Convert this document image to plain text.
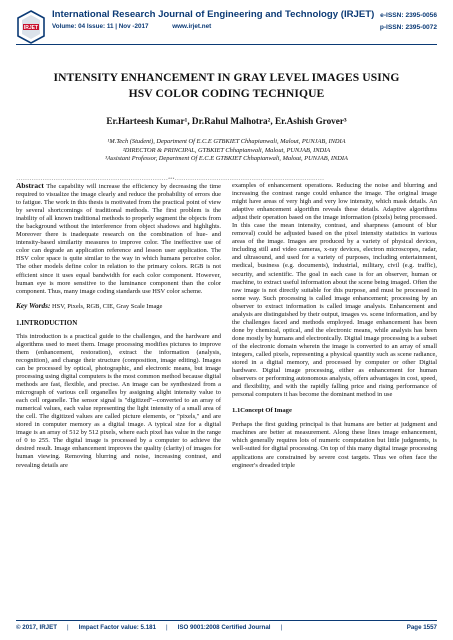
IRJET
International Research Journal of Engineering and Technology (IRJET)
Volume: 04 Issue: 11 | Nov -2017	www.irjet.net
e-ISSN: 2395-0056
p-ISSN: 2395-0072
INTENSITY ENHANCEMENT IN GRAY LEVEL IMAGES USING HSV COLOR CODING TECHNIQUE
Er.Harteesh Kumar¹, Dr.Rahul Malhotra², Er.Ashish Grover³
¹M.Tech (Student), Department Of E.C.E GTBKIET Chhapianwali, Malout, PUNJAB, INDIA
²DIRECTOR & PRINCIPAL, GTBKIET Chhapianwali, Malout, PUNJAB, INDIA
³Assistant Professor, Department Of E.C.E GTBKIET Chhapianwali, Malout, PUNJAB, INDIA
---------------------------------------------------------------------***--------------------------------------------------------------------

Abstract The capability will increase the efficiency by decreasing the time required to visualize the image clearly and reduce the probability of errors due to fatigue. The work in this thesis is motivated from the practical point of view by several shortcomings of traditional methods. The first problem is the inability of all known traditional methods to properly segment the objects from the background without the interference from object shadows and highlights. Moreover there is inadequate research on the combination of hue- and intensity-based similarity measures to improve color. The ineffective use of color can degrade an application reference and lesson user application. The HSV color space is quite similar to the way in which humans perceive color. The other models define color in relation to the primary colors. RGB is not efficient since it uses equal bandwidth for each color component. However, human eye is more sensitive to the luminance component than the color component. Thus, many image coding standards use HSV color scheme.

Key Words: HSV, Pixels, RGB, CIE, Gray Scale Image

1.INTRODUCTION

This introduction is a practical guide to the challenges, and the hardware and algorithms used to meet them. Image processing modifies pictures to improve them (enhancement, restoration), extract the information (analysis, recognition), and change their structure (composition, image editing). Images can be processed by optical, photographic, and electronic means, but image processing using digital computers is the most common method because digital methods are fast, flexible, and precise. An image can be synthesized from a micrograph of various cell organelles by assigning alight intensity value to each cell organelle. The sensor signal is "digitized"--converted to an array of numerical values, each value representing the light intensity of a small area of the cell. The digitized values are called picture elements, or "pixels," and are stored in computer memory as a digital image. A typical size for a digital image is an array of 512 by 512 pixels, where each pixel has value in the range of 0 to 255. The digital image is processed by a computer to achieve the desired result. Image enhancement improves the quality (clarity) of images for human viewing. Removing blurring and noise, increasing contrast, and revealing details are

examples of enhancement operations. Reducing the noise and blurring and increasing the contrast range could enhance the image. The original image might have areas of very high and very low intensity, which mask details. An adaptive enhancement algorithm reveals these details. Adaptive algorithms adjust their operation based on the image information (pixels) being processed. In this case the mean intensity, contrast, and sharpness (amount of blur removal) could be adjusted based on the pixel intensity statistics in various areas of the image. Images are produced by a variety of physical devices, including still and video cameras, x-ray devices, electron microscopes, radar, and ultrasound, and used for a variety of purposes, including entertainment, medical, business (e.g. documents), industrial, military, civil (e.g. traffic), security, and scientific. The goal in each case is for an observer, human or machine, to extract useful information about the scene being imaged. Often the raw image is not directly suitable for this purpose, and must be processed in some way. Such processing is called image enhancement; processing by an observer to extract information is called image analysis. Enhancement and analysis are distinguished by their output, images vs. scene information, and by the challenges faced and methods employed. Image enhancement has been done by chemical, optical, and the electronic means, while analysis has been done mostly by humans and electronically. Digital image processing is a subset of the electronic domain wherein the image is converted to an array of small integers, called pixels, representing a physical quantity such as scene radiance, stored in a digital memory, and processed by computer or other Digital hardware. Digital image processing, either as enhancement for human observers or performing autonomous analysis, offers advantages in cost, speed, and flexibility, and with the rapidly falling price and rising performance of personal computers it has become the dominant method in use

1.1Concept Of Image

Perhaps the first guiding principal is that humans are better at judgment and machines are better at measurement. Along these lines image enhancement, which generally requires lots of numeric computation but little judgments, is well-suited for digital processing. On top of this many digital image processing applications are constrained by severe cost targets. Thus we often face the engineer's dreaded triple

© 2017, IRJET | Impact Factor value: 5.181 | ISO 9001:2008 Certified Journal |	Page 1557
